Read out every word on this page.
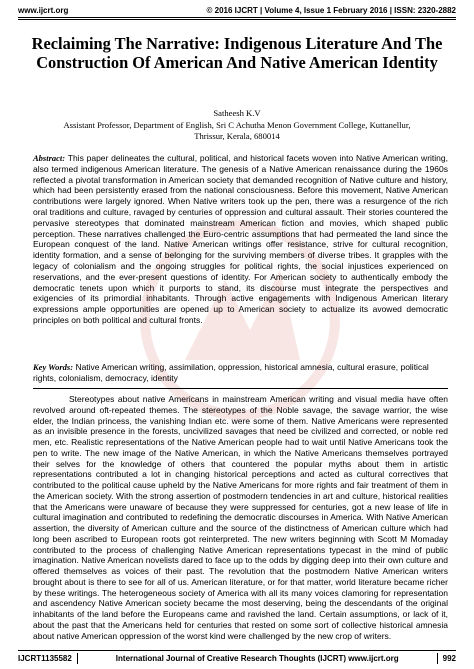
www.ijcrt.org	© 2016 IJCRT | Volume 4, Issue 1 February 2016 | ISSN: 2320-2882
Reclaiming The Narrative: Indigenous Literature And The Construction Of American And Native American Identity
Satheesh K.V
Assistant Professor, Department of English, Sri C Achutha Menon Government College, Kuttanellur,
Thrissur, Kerala, 680014
Abstract: This paper delineates the cultural, political, and historical facets woven into Native American writing, also termed indigenous American literature. The genesis of a Native American renaissance during the 1960s reflected a pivotal transformation in American society that demanded recognition of Native culture and history, which had been persistently erased from the national consciousness. Before this movement, Native American contributions were largely ignored. When Native writers took up the pen, there was a resurgence of the rich oral traditions and culture, ravaged by centuries of oppression and cultural assault. Their stories countered the pervasive stereotypes that dominated mainstream American fiction and movies, which shaped public perception. These narratives challenged the Euro-centric assumptions that had permeated the land since the European conquest of the land. Native American writings offer resistance, strive for cultural recognition, identity formation, and a sense of belonging for the surviving members of diverse tribes. It grapples with the legacy of colonialism and the ongoing struggles for political rights, the social injustices experienced on reservations, and the ever-present questions of identity. For American society to authentically embody the democratic tenets upon which it purports to stand, its discourse must integrate the perspectives and exigencies of its primordial inhabitants. Through active engagements with Indigenous American literary expressions ample opportunities are opened up to American society to actualize its avowed democratic principles on both political and cultural fronts.
Key Words: Native American writing, assimilation, oppression, historical amnesia, cultural erasure, political rights, colonialism, democracy, identity

Stereotypes about native Americans in mainstream American writing and visual media have often revolved around oft-repeated themes. The stereotypes of the Noble savage, the savage warrior, the wise elder, the Indian princess, the vanishing Indian etc. were some of them. Native Americans were represented as an invisible presence in the forests, uncivilized savages that need be civilized and corrected, or noble red men, etc. Realistic representations of the Native American people had to wait until Native Americans took the pen to write. The new image of the Native American, in which the Native Americans themselves portrayed their selves for the knowledge of others that countered the popular myths about them in artistic representations contributed a lot in changing historical perceptions and acted as cultural correctives that contributed to the political cause upheld by the Native Americans for more rights and fair treatment of them in the American society. With the strong assertion of postmodern tendencies in art and culture, historical realities that the Americans were unaware of because they were suppressed for centuries, got a new lease of life in cultural imagination and contributed to redefining the democratic discourses in America. With Native American assertion, the diversity of American culture and the source of the distinctness of American culture which had long been ascribed to European roots got reinterpreted. The new writers beginning with Scott M Momaday contributed to the process of challenging Native American representations typecast in the mind of public imagination. Native American novelists dared to face up to the odds by digging deep into their own culture and offered themselves as voices of their past. The revolution that the postmodern Native American writers brought about is there to see for all of us. American literature, or for that matter, world literature became richer by these writings. The heterogeneous society of America with all its many voices clamoring for representation and ascendency Native American society became the most deserving, being the descendants of the original inhabitants of the land before the Europeans came and ravished the land. Certain assumptions, or lack of it, about the past that the Americans held for centuries that rested on some sort of collective historical amnesia about native American oppression of the worst kind were challenged by the new crop of writers.

IJCRT1135582	International Journal of Creative Research Thoughts (IJCRT) www.ijcrt.org	992
